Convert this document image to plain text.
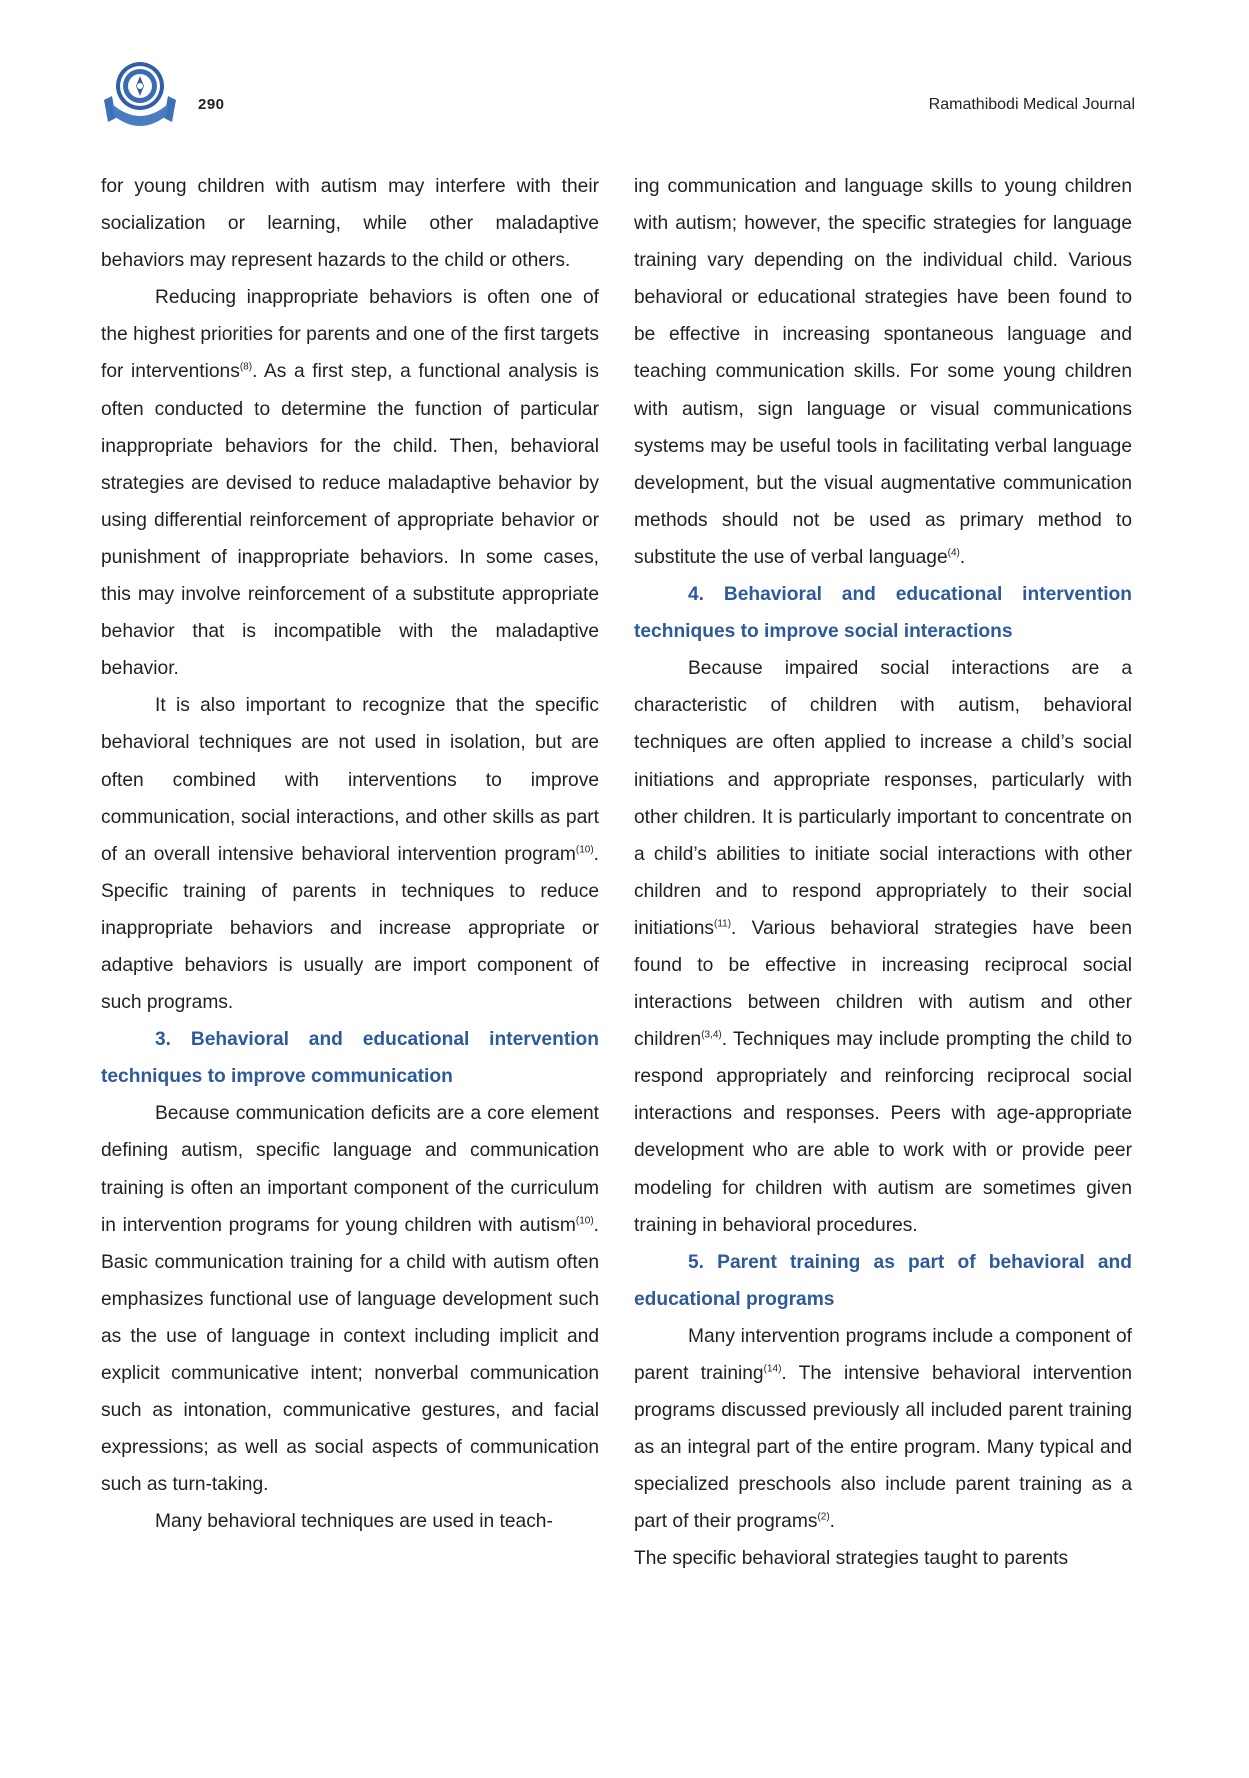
290	Ramathibodi Medical Journal

for young children with autism may interfere with their socialization or learning, while other maladaptive behaviors may represent hazards to the child or others.

Reducing inappropriate behaviors is often one of the highest priorities for parents and one of the first targets for interventions$^{(8)}$. As a first step, a functional analysis is often conducted to determine the function of particular inappropriate behaviors for the child. Then, behavioral strategies are devised to reduce maladaptive behavior by using differential reinforcement of appropriate behavior or punishment of inappropriate behaviors. In some cases, this may involve reinforcement of a substitute appropriate behavior that is incompatible with the maladaptive behavior.

It is also important to recognize that the specific behavioral techniques are not used in isolation, but are often combined with interventions to improve communication, social interactions, and other skills as part of an overall intensive behavioral intervention program$^{(10)}$. Specific training of parents in techniques to reduce inappropriate behaviors and increase appropriate or adaptive behaviors is usually are import component of such programs.

3. Behavioral and educational intervention techniques to improve communication

Because communication deficits are a core element defining autism, specific language and communication training is often an important component of the curriculum in intervention programs for young children with autism$^{(10)}$. Basic communication training for a child with autism often emphasizes functional use of language development such as the use of language in context including implicit and explicit communicative intent; nonverbal communication such as intonation, communicative gestures, and facial expressions; as well as social aspects of communication such as turn-taking.

Many behavioral techniques are used in teach-

ing communication and language skills to young children with autism; however, the specific strategies for language training vary depending on the individual child. Various behavioral or educational strategies have been found to be effective in increasing spontaneous language and teaching communication skills. For some young children with autism, sign language or visual communications systems may be useful tools in facilitating verbal language development, but the visual augmentative communication methods should not be used as primary method to substitute the use of verbal language$^{(4)}$.

4. Behavioral and educational intervention techniques to improve social interactions

Because impaired social interactions are a characteristic of children with autism, behavioral techniques are often applied to increase a child’s social initiations and appropriate responses, particularly with other children. It is particularly important to concentrate on a child’s abilities to initiate social interactions with other children and to respond appropriately to their social initiations$^{(11)}$. Various behavioral strategies have been found to be effective in increasing reciprocal social interactions between children with autism and other children$^{(3,4)}$. Techniques may include prompting the child to respond appropriately and reinforcing reciprocal social interactions and responses. Peers with age-appropriate development who are able to work with or provide peer modeling for children with autism are sometimes given training in behavioral procedures.

5. Parent training as part of behavioral and educational programs

Many intervention programs include a component of parent training$^{(14)}$. The intensive behavioral intervention programs discussed previously all included parent training as an integral part of the entire program. Many typical and specialized preschools also include parent training as a part of their programs$^{(2)}$.

The specific behavioral strategies taught to parents
